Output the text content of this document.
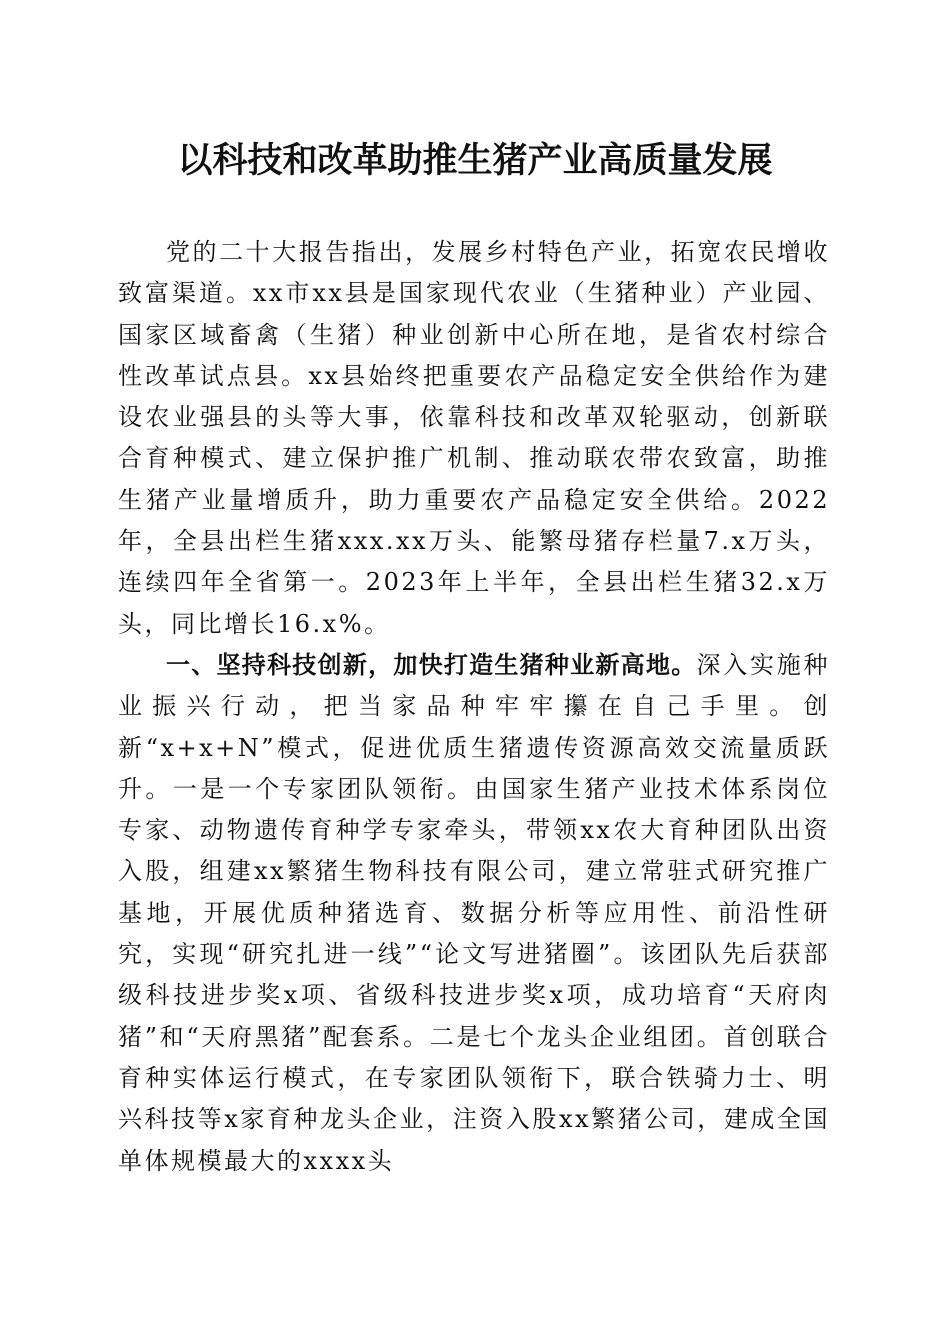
以科技和改革助推生猪产业高质量发展

党的二十大报告指出，发展乡村特色产业，拓宽农民增收致富渠道。xx市xx县是国家现代农业（生猪种业）产业园、国家区域畜禽（生猪）种业创新中心所在地，是省农村综合性改革试点县。xx县始终把重要农产品稳定安全供给作为建设农业强县的头等大事，依靠科技和改革双轮驱动，创新联合育种模式、建立保护推广机制、推动联农带农致富，助推生猪产业量增质升，助力重要农产品稳定安全供给。2022年，全县出栏生猪xxx.xx万头、能繁母猪存栏量7.x万头，连续四年全省第一。2023年上半年，全县出栏生猪32.x万头，同比增长16.x%。

一、坚持科技创新，加快打造生猪种业新高地。深入实施种业振兴行动，把当家品种牢牢攥在自己手里。创新“x+x+N”模式，促进优质生猪遗传资源高效交流量质跃升。一是一个专家团队领衔。由国家生猪产业技术体系岗位专家、动物遗传育种学专家牵头，带领xx农大育种团队出资入股，组建xx繁猪生物科技有限公司，建立常驻式研究推广基地，开展优质种猪选育、数据分析等应用性、前沿性研究，实现“研究扎进一线”“论文写进猪圈”。该团队先后获部级科技进步奖x项、省级科技进步奖x项，成功培育“天府肉猪”和“天府黑猪”配套系。二是七个龙头企业组团。首创联合育种实体运行模式，在专家团队领衔下，联合铁骑力士、明兴科技等x家育种龙头企业，注资入股xx繁猪公司，建成全国单体规模最大的xxxx头
